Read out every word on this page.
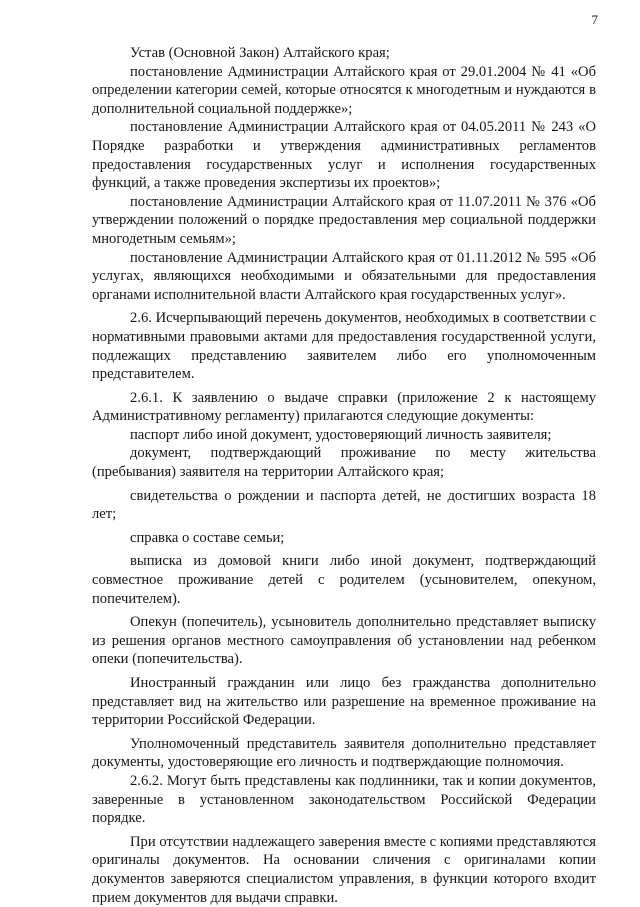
7

Устав (Основной Закон) Алтайского края;

постановление Администрации Алтайского края от 29.01.2004 № 41 «Об определении категории семей, которые относятся к многодетным и нуждаются в дополнительной социальной поддержке»;

постановление Администрации Алтайского края от 04.05.2011 № 243 «О Порядке разработки и утверждения административных регламентов предоставления государственных услуг и исполнения государственных функций, а также проведения экспертизы их проектов»;

постановление Администрации Алтайского края от 11.07.2011 № 376 «Об утверждении положений о порядке предоставления мер социальной поддержки многодетным семьям»;

постановление Администрации Алтайского края от 01.11.2012 № 595 «Об услугах, являющихся необходимыми и обязательными для предоставления органами исполнительной власти Алтайского края государственных услуг».

2.6. Исчерпывающий перечень документов, необходимых в соответствии с нормативными правовыми актами для предоставления государственной услуги, подлежащих представлению заявителем либо его уполномоченным представителем.

2.6.1. К заявлению о выдаче справки (приложение 2 к настоящему Административному регламенту) прилагаются следующие документы:

паспорт либо иной документ, удостоверяющий личность заявителя;

документ, подтверждающий проживание по месту жительства (пребывания) заявителя на территории Алтайского края;

свидетельства о рождении и паспорта детей, не достигших возраста 18 лет;

справка о составе семьи;

выписка из домовой книги либо иной документ, подтверждающий совместное проживание детей с родителем (усыновителем, опекуном, попечителем).

Опекун (попечитель), усыновитель дополнительно представляет выписку из решения органов местного самоуправления об установлении над ребенком опеки (попечительства).

Иностранный гражданин или лицо без гражданства дополнительно представляет вид на жительство или разрешение на временное проживание на территории Российской Федерации.

Уполномоченный представитель заявителя дополнительно представляет документы, удостоверяющие его личность и подтверждающие полномочия.

2.6.2. Могут быть представлены как подлинники, так и копии документов, заверенные в установленном законодательством Российской Федерации порядке.

При отсутствии надлежащего заверения вместе с копиями представляются оригиналы документов. На основании сличения с оригиналами копии документов заверяются специалистом управления, в функции которого входит прием документов для выдачи справки.
